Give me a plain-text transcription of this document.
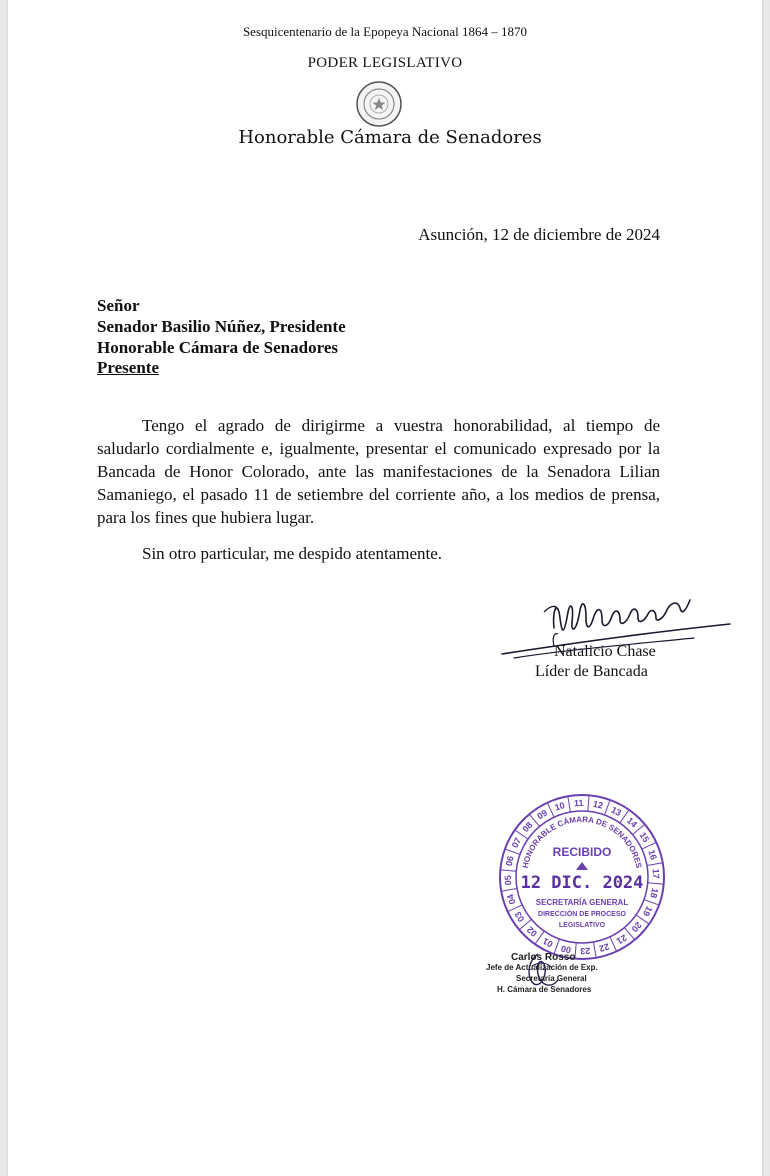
Sesquicentenario de la Epopeya Nacional 1864 – 1870
PODER LEGISLATIVO
Honorable Cámara de Senadores
Asunción, 12 de diciembre de 2024
Señor
Senador Basilio Núñez, Presidente
Honorable Cámara de Senadores
Presente
Tengo el agrado de dirigirme a vuestra honorabilidad, al tiempo de saludarlo cordialmente e, igualmente, presentar el comunicado expresado por la Bancada de Honor Colorado, ante las manifestaciones de la Senadora Lilian Samaniego, el pasado 11 de setiembre del corriente año, a los medios de prensa, para los fines que hubiera lugar.
Sin otro particular, me despido atentamente.
Natalicio Chase
Líder de Bancada
11 12 13
14
15
16
17
18
19
20
21
22
23
00
01
02
03
04
05
06
07
08
09
10
HONORABLE CÁMARA DE SENADORES
RECIBIDO
12 DIC. 2024
SECRETARÍA GENERAL
DIRECCIÓN DE PROCESO
LEGISLATIVO
Carlos Rosso
Jefe de Actualización de Exp.
Secretaría General
H. Cámara de Senadores
